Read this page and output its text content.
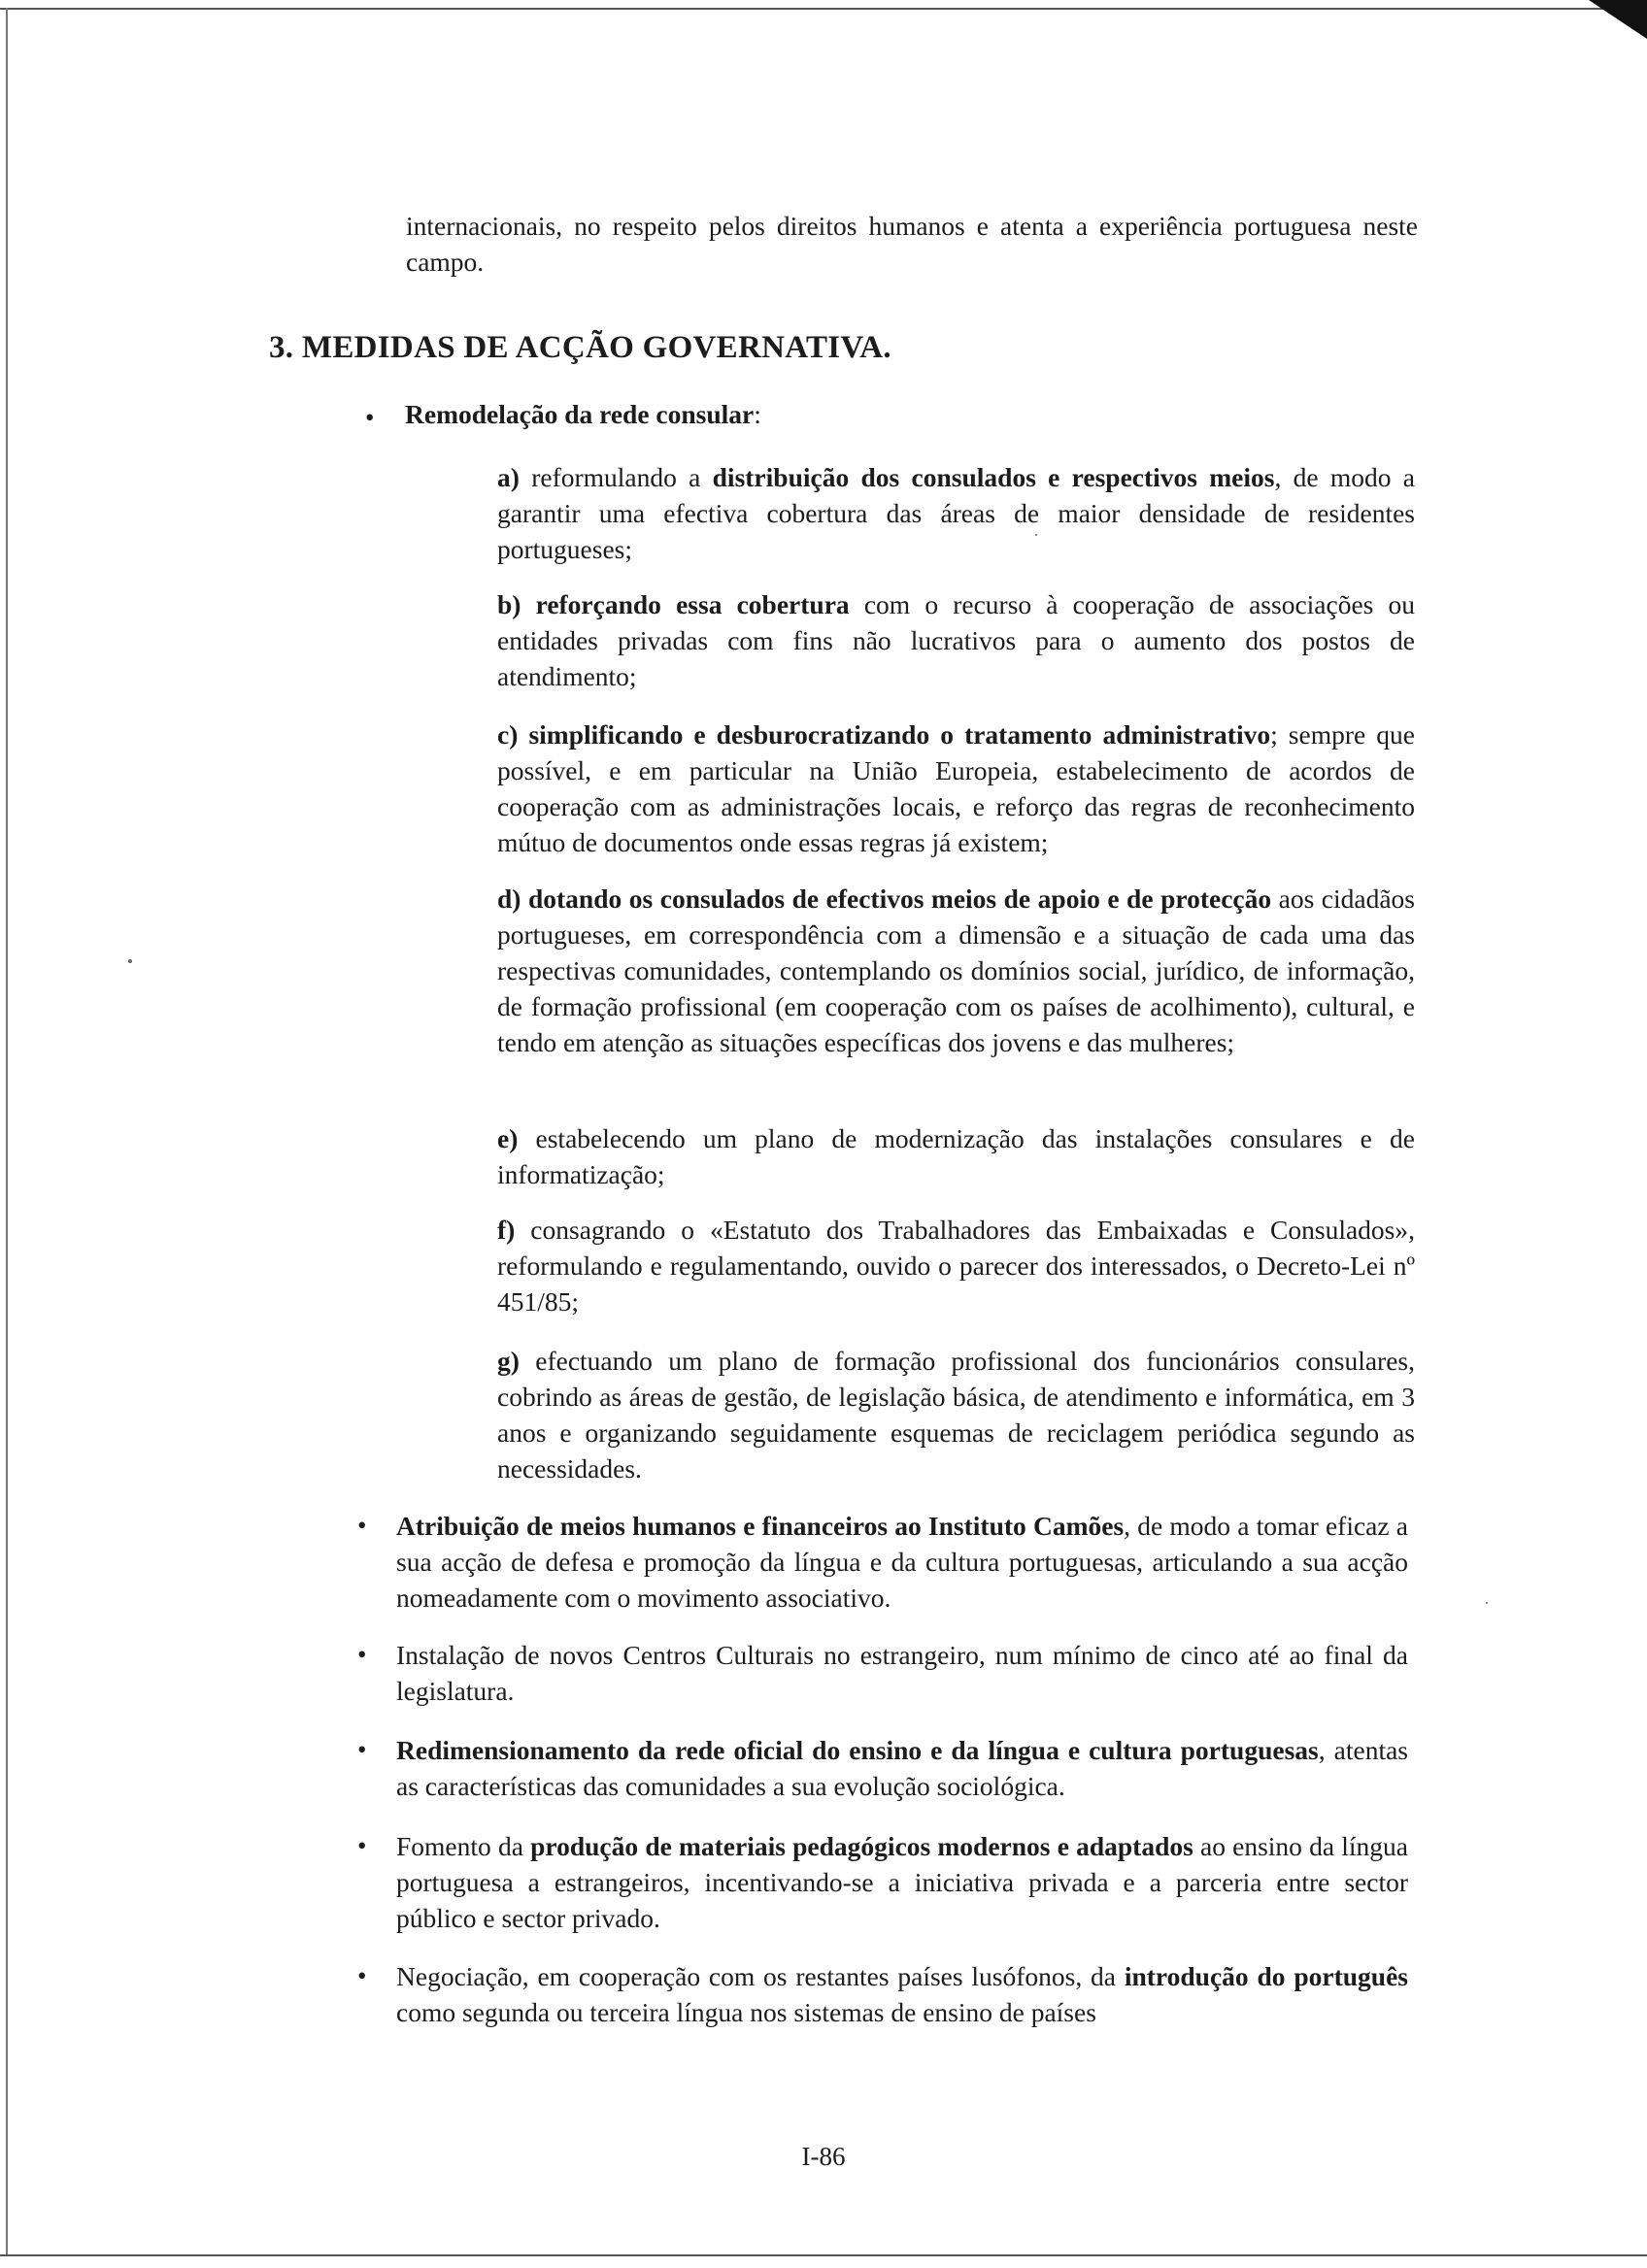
internacionais, no respeito pelos direitos humanos e atenta a experiência portuguesa neste campo.
3. MEDIDAS DE ACÇÃO GOVERNATIVA.
• Remodelação da rede consular:
a) reformulando a distribuição dos consulados e respectivos meios, de modo a garantir uma efectiva cobertura das áreas de maior densidade de residentes portugueses;
b) reforçando essa cobertura com o recurso à cooperação de associações ou entidades privadas com fins não lucrativos para o aumento dos postos de atendimento;
c) simplificando e desburocratizando o tratamento administrativo; sempre que possível, e em particular na União Europeia, estabelecimento de acordos de cooperação com as administrações locais, e reforço das regras de reconhecimento mútuo de documentos onde essas regras já existem;
d) dotando os consulados de efectivos meios de apoio e de protecção aos cidadãos portugueses, em correspondência com a dimensão e a situação de cada uma das respectivas comunidades, contemplando os domínios social, jurídico, de informação, de formação profissional (em cooperação com os países de acolhimento), cultural, e tendo em atenção as situações específicas dos jovens e das mulheres;
e) estabelecendo um plano de modernização das instalações consulares e de informatização;
f) consagrando o «Estatuto dos Trabalhadores das Embaixadas e Consulados», reformulando e regulamentando, ouvido o parecer dos interessados, o Decreto-Lei nº 451/85;
g) efectuando um plano de formação profissional dos funcionários consulares, cobrindo as áreas de gestão, de legislação básica, de atendimento e informática, em 3 anos e organizando seguidamente esquemas de reciclagem periódica segundo as necessidades.
• Atribuição de meios humanos e financeiros ao Instituto Camões, de modo a tomar eficaz a sua acção de defesa e promoção da língua e da cultura portuguesas, articulando a sua acção nomeadamente com o movimento associativo.
• Instalação de novos Centros Culturais no estrangeiro, num mínimo de cinco até ao final da legislatura.
• Redimensionamento da rede oficial do ensino e da língua e cultura portuguesas, atentas as características das comunidades a sua evolução sociológica.
• Fomento da produção de materiais pedagógicos modernos e adaptados ao ensino da língua portuguesa a estrangeiros, incentivando-se a iniciativa privada e a parceria entre sector público e sector privado.
• Negociação, em cooperação com os restantes países lusófonos, da introdução do português como segunda ou terceira língua nos sistemas de ensino de países
I-86
